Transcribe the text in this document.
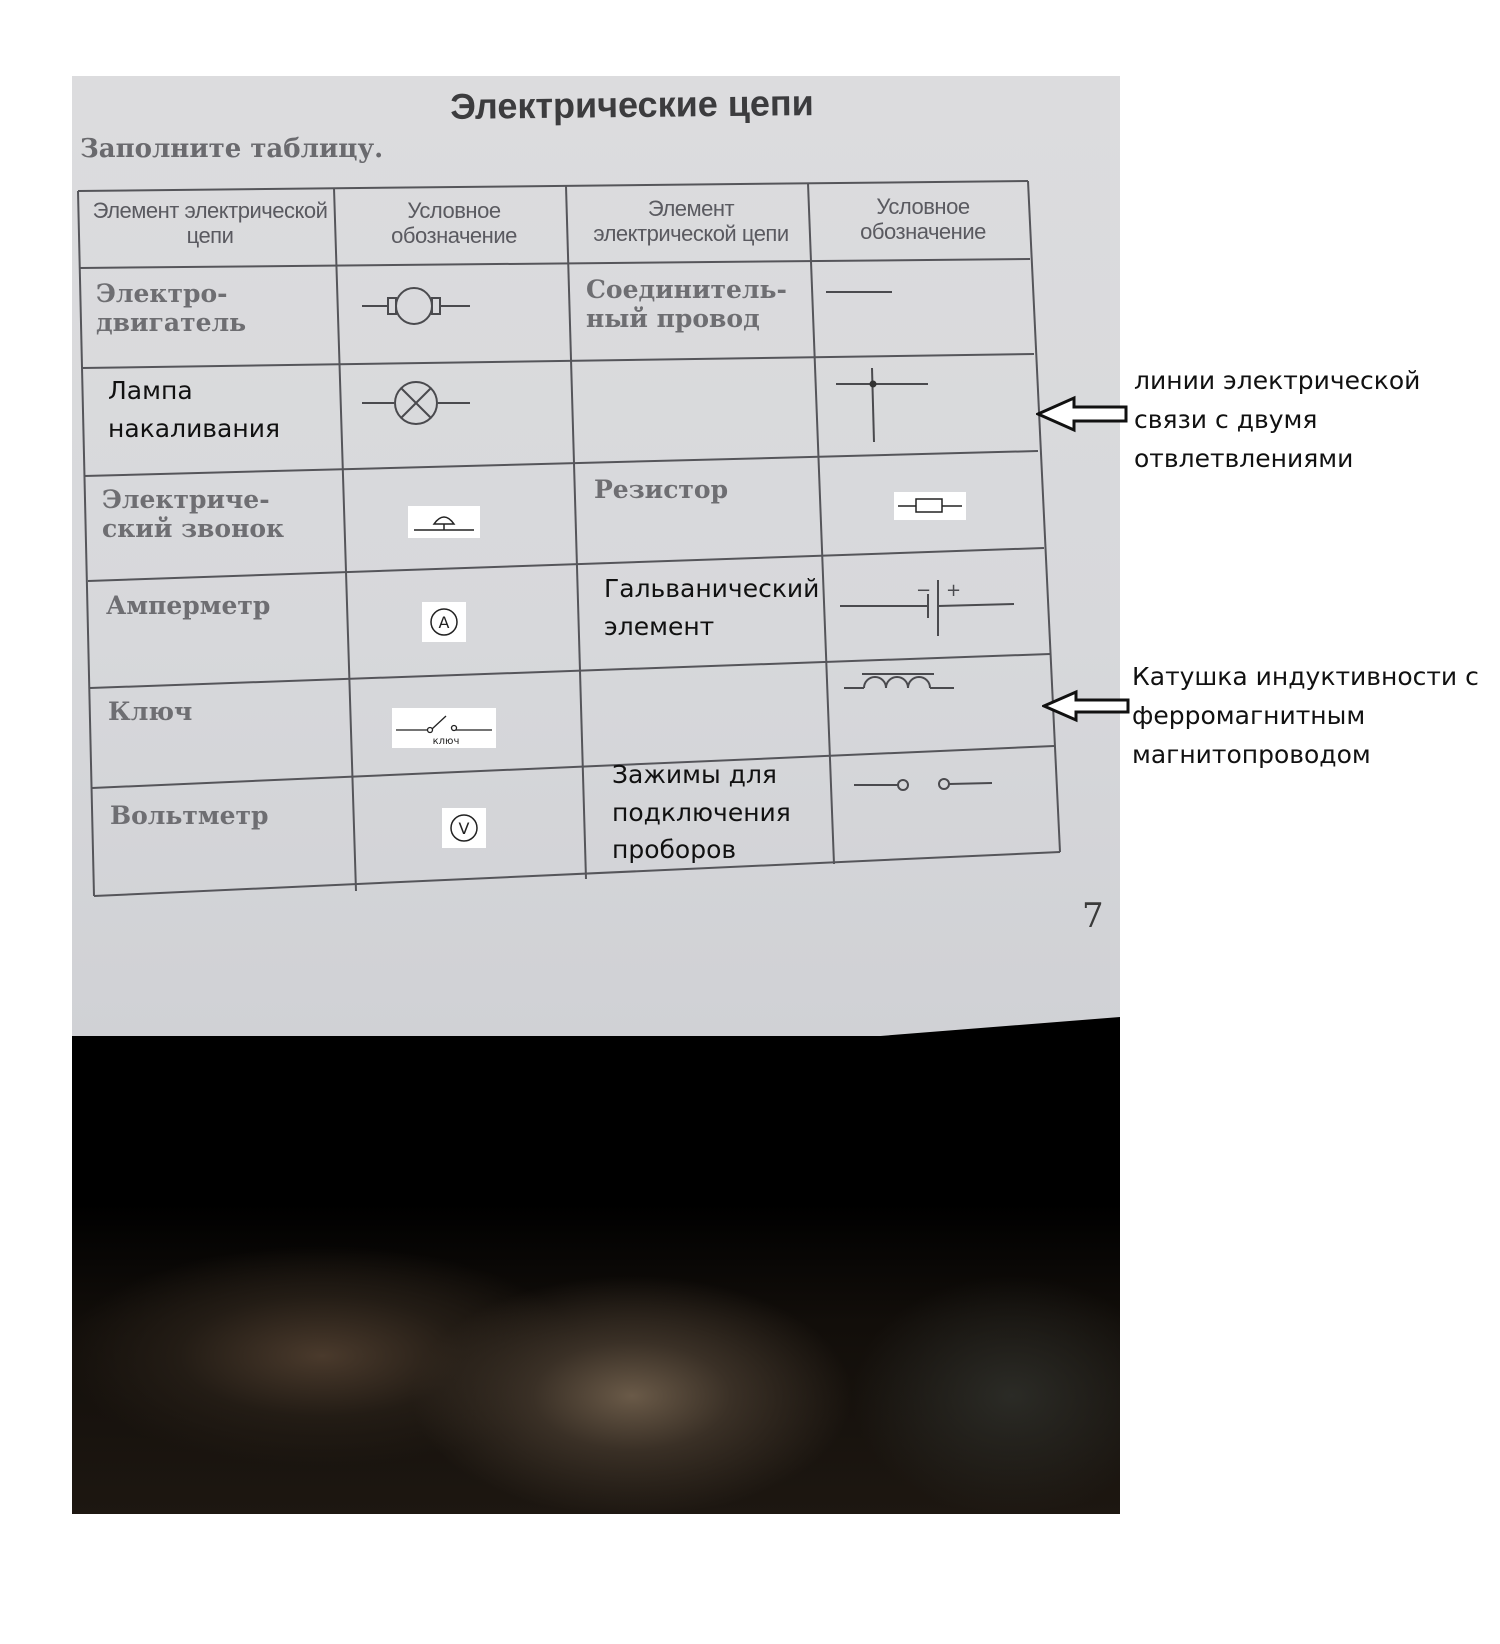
Электрические цепи
Заполните таблицу.
Элемент электрической цепи
Условное обозначение
Элемент электрической цепи
Условное обозначение
Электро-двигатель
Соединитель-ный провод
Лампа накаливания
Электриче-ский звонок
Резистор
Амперметр
A
Гальванический элемент
− +
Ключ
ключ
Вольтметр	V
Зажимы для подключения проборов
7
линии электрической связи с двумя отвлетвлениями
Катушка индуктивности с ферромагнитным магнитопроводом
